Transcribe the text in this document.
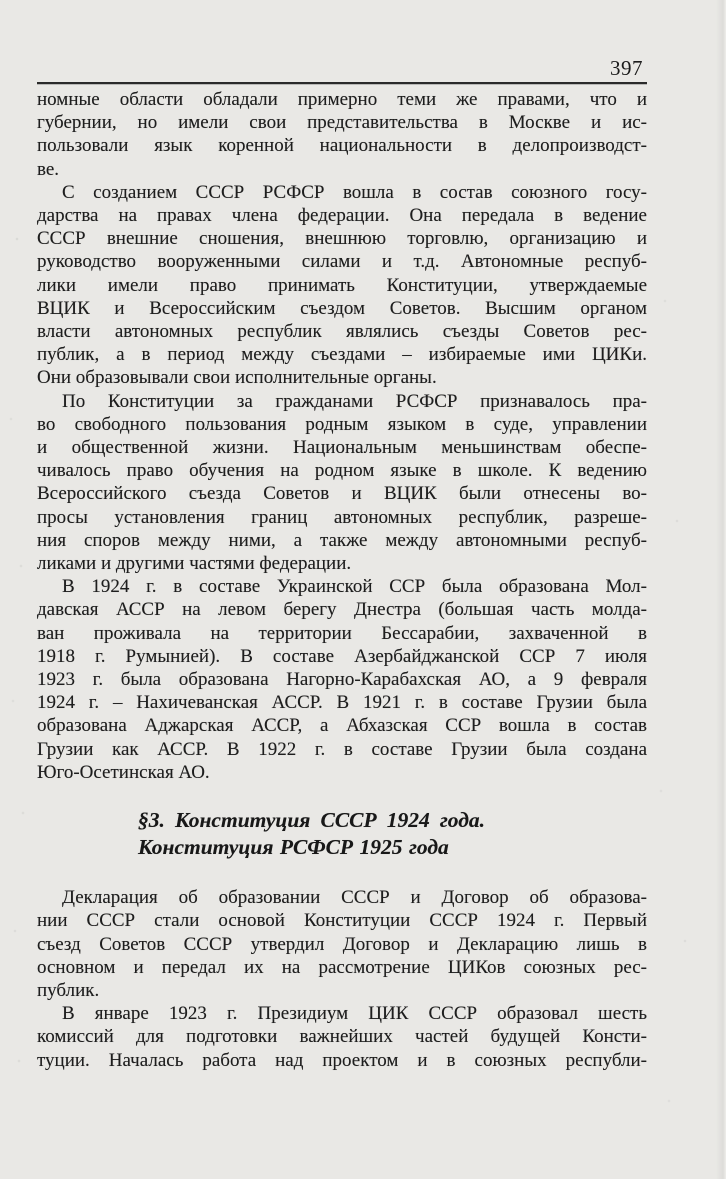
397
номные области обладали примерно теми же правами, что и
губернии, но имели свои представительства в Москве и ис-
пользовали язык коренной национальности в делопроизводст-
ве.
С созданием СССР РСФСР вошла в состав союзного госу-
дарства на правах члена федерации. Она передала в ведение
СССР внешние сношения, внешнюю торговлю, организацию и
руководство вооруженными силами и т.д. Автономные респуб-
лики имели право принимать Конституции, утверждаемые
ВЦИК и Всероссийским съездом Советов. Высшим органом
власти автономных республик являлись съезды Советов рес-
публик, а в период между съездами – избираемые ими ЦИКи.
Они образовывали свои исполнительные органы.
По Конституции за гражданами РСФСР признавалось пра-
во свободного пользования родным языком в суде, управлении
и общественной жизни. Национальным меньшинствам обеспе-
чивалось право обучения на родном языке в школе. К ведению
Всероссийского съезда Советов и ВЦИК были отнесены во-
просы установления границ автономных республик, разреше-
ния споров между ними, а также между автономными респуб-
ликами и другими частями федерации.
В 1924 г. в составе Украинской ССР была образована Мол-
давская АССР на левом берегу Днестра (большая часть молда-
ван проживала на территории Бессарабии, захваченной в
1918 г. Румынией). В составе Азербайджанской ССР 7 июля
1923 г. была образована Нагорно-Карабахская АО, а 9 февраля
1924 г. – Нахичеванская АССР. В 1921 г. в составе Грузии была
образована Аджарская АССР, а Абхазская ССР вошла в состав
Грузии как АССР. В 1922 г. в составе Грузии была создана
Юго-Осетинская АО.
§3. Конституция СССР 1924 года.
Конституция РСФСР 1925 года
Декларация об образовании СССР и Договор об образова-
нии СССР стали основой Конституции СССР 1924 г. Первый
съезд Советов СССР утвердил Договор и Декларацию лишь в
основном и передал их на рассмотрение ЦИКов союзных рес-
публик.
В январе 1923 г. Президиум ЦИК СССР образовал шесть
комиссий для подготовки важнейших частей будущей Консти-
туции. Началась работа над проектом и в союзных республи-
